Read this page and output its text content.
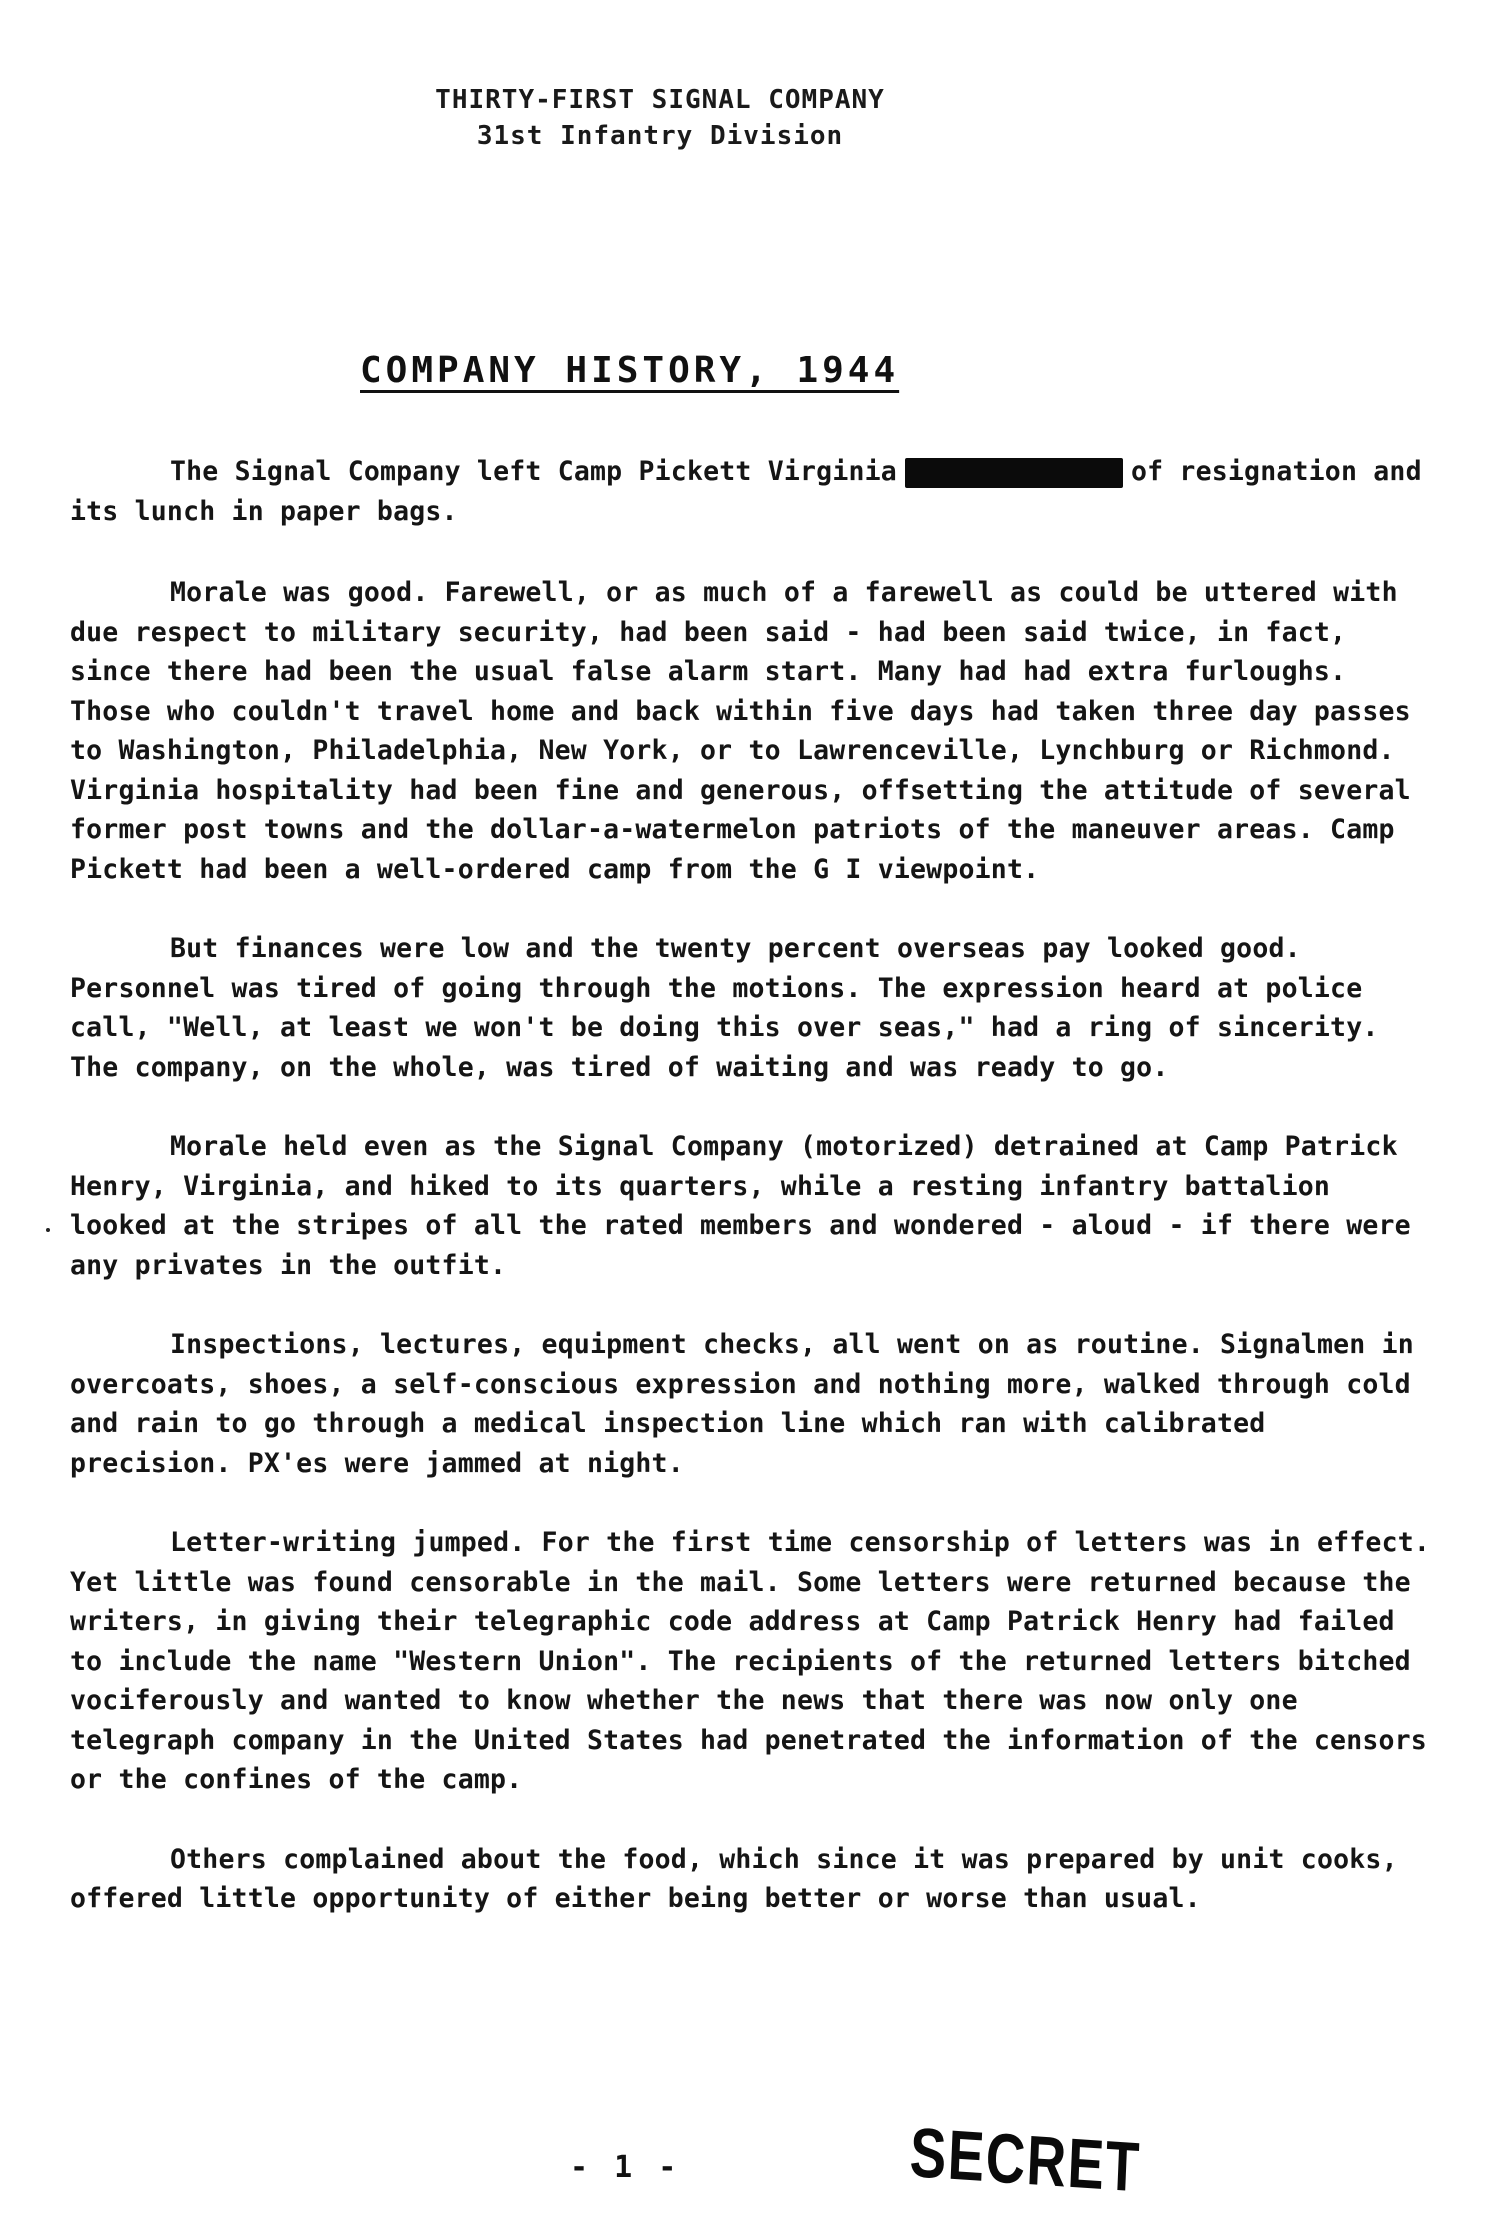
THIRTY-FIRST SIGNAL COMPANY
31st Infantry Division
COMPANY HISTORY, 1944

The Signal Company left Camp Pickett Virginia	of resignation and its lunch in paper bags.

Morale was good. Farewell, or as much of a farewell as could be uttered with due respect to military security, had been said - had been said twice, in fact, since there had been the usual false alarm start. Many had had extra furloughs. Those who couldn't travel home and back within five days had taken three day passes to Washington, Philadelphia, New York, or to Lawrenceville, Lynchburg or Richmond. Virginia hospitality had been fine and generous, offsetting the attitude of several former post towns and the dollar-a-watermelon patriots of the maneuver areas. Camp Pickett had been a well-ordered camp from the G I viewpoint.

But finances were low and the twenty percent overseas pay looked good. Personnel was tired of going through the motions. The expression heard at police call, "Well, at least we won't be doing this over seas," had a ring of sincerity. The company, on the whole, was tired of waiting and was ready to go.

Morale held even as the Signal Company (motorized) detrained at Camp Patrick Henry, Virginia, and hiked to its quarters, while a resting infantry battalion looked at the stripes of all the rated members and wondered - aloud - if there were any privates in the outfit.

Inspections, lectures, equipment checks, all went on as routine. Signalmen in overcoats, shoes, a self-conscious expression and nothing more, walked through cold and rain to go through a medical inspection line which ran with calibrated precision. PX'es were jammed at night.

Letter-writing jumped. For the first time censorship of letters was in effect. Yet little was found censorable in the mail. Some letters were returned because the writers, in giving their telegraphic code address at Camp Patrick Henry had failed to include the name "Western Union". The recipients of the returned letters bitched vociferously and wanted to know whether the news that there was now only one telegraph company in the United States had penetrated the information of the censors or the confines of the camp.

Others complained about the food, which since it was prepared by unit cooks, offered little opportunity of either being better or worse than usual.

- 1 -	SECRET
